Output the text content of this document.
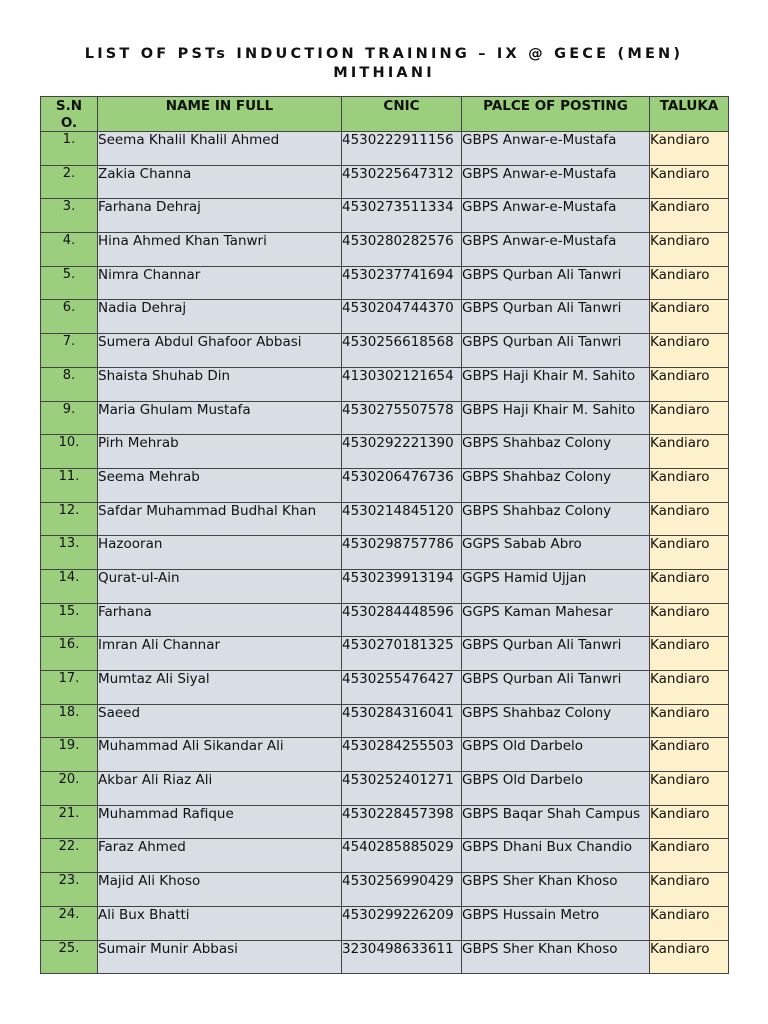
LIST OF PSTs INDUCTION TRAINING – IX @ GECE (MEN)
MITHIANI
S.NO.	NAME IN FULL	CNIC	PALCE OF POSTING	TALUKA
1.	Seema Khalil Khalil Ahmed	4530222911156	GBPS Anwar-e-Mustafa	Kandiaro
2.	Zakia Channa	4530225647312	GBPS Anwar-e-Mustafa	Kandiaro
3.	Farhana Dehraj	4530273511334	GBPS Anwar-e-Mustafa	Kandiaro
4.	Hina Ahmed Khan Tanwri	4530280282576	GBPS Anwar-e-Mustafa	Kandiaro
5.	Nimra Channar	4530237741694	GBPS Qurban Ali Tanwri	Kandiaro
6.	Nadia Dehraj	4530204744370	GBPS Qurban Ali Tanwri	Kandiaro
7.	Sumera Abdul Ghafoor Abbasi	4530256618568	GBPS Qurban Ali Tanwri	Kandiaro
8.	Shaista Shuhab Din	4130302121654	GBPS Haji Khair M. Sahito	Kandiaro
9.	Maria Ghulam Mustafa	4530275507578	GBPS Haji Khair M. Sahito	Kandiaro
10.	Pirh Mehrab	4530292221390	GBPS Shahbaz Colony	Kandiaro
11.	Seema Mehrab	4530206476736	GBPS Shahbaz Colony	Kandiaro
12.	Safdar Muhammad Budhal Khan	4530214845120	GBPS Shahbaz Colony	Kandiaro
13.	Hazooran	4530298757786	GGPS Sabab Abro	Kandiaro
14.	Qurat-ul-Ain	4530239913194	GGPS Hamid Ujjan	Kandiaro
15.	Farhana	4530284448596	GGPS Kaman Mahesar	Kandiaro
16.	Imran Ali Channar	4530270181325	GBPS Qurban Ali Tanwri	Kandiaro
17.	Mumtaz Ali Siyal	4530255476427	GBPS Qurban Ali Tanwri	Kandiaro
18.	Saeed	4530284316041	GBPS Shahbaz Colony	Kandiaro
19.	Muhammad Ali Sikandar Ali	4530284255503	GBPS Old Darbelo	Kandiaro
20.	Akbar Ali Riaz Ali	4530252401271	GBPS Old Darbelo	Kandiaro
21.	Muhammad Rafique	4530228457398	GBPS Baqar Shah Campus	Kandiaro
22.	Faraz Ahmed	4540285885029	GBPS Dhani Bux Chandio	Kandiaro
23.	Majid Ali Khoso	4530256990429	GBPS Sher Khan Khoso	Kandiaro
24.	Ali Bux Bhatti	4530299226209	GBPS Hussain Metro	Kandiaro
25.	Sumair Munir Abbasi	3230498633611	GBPS Sher Khan Khoso	Kandiaro
